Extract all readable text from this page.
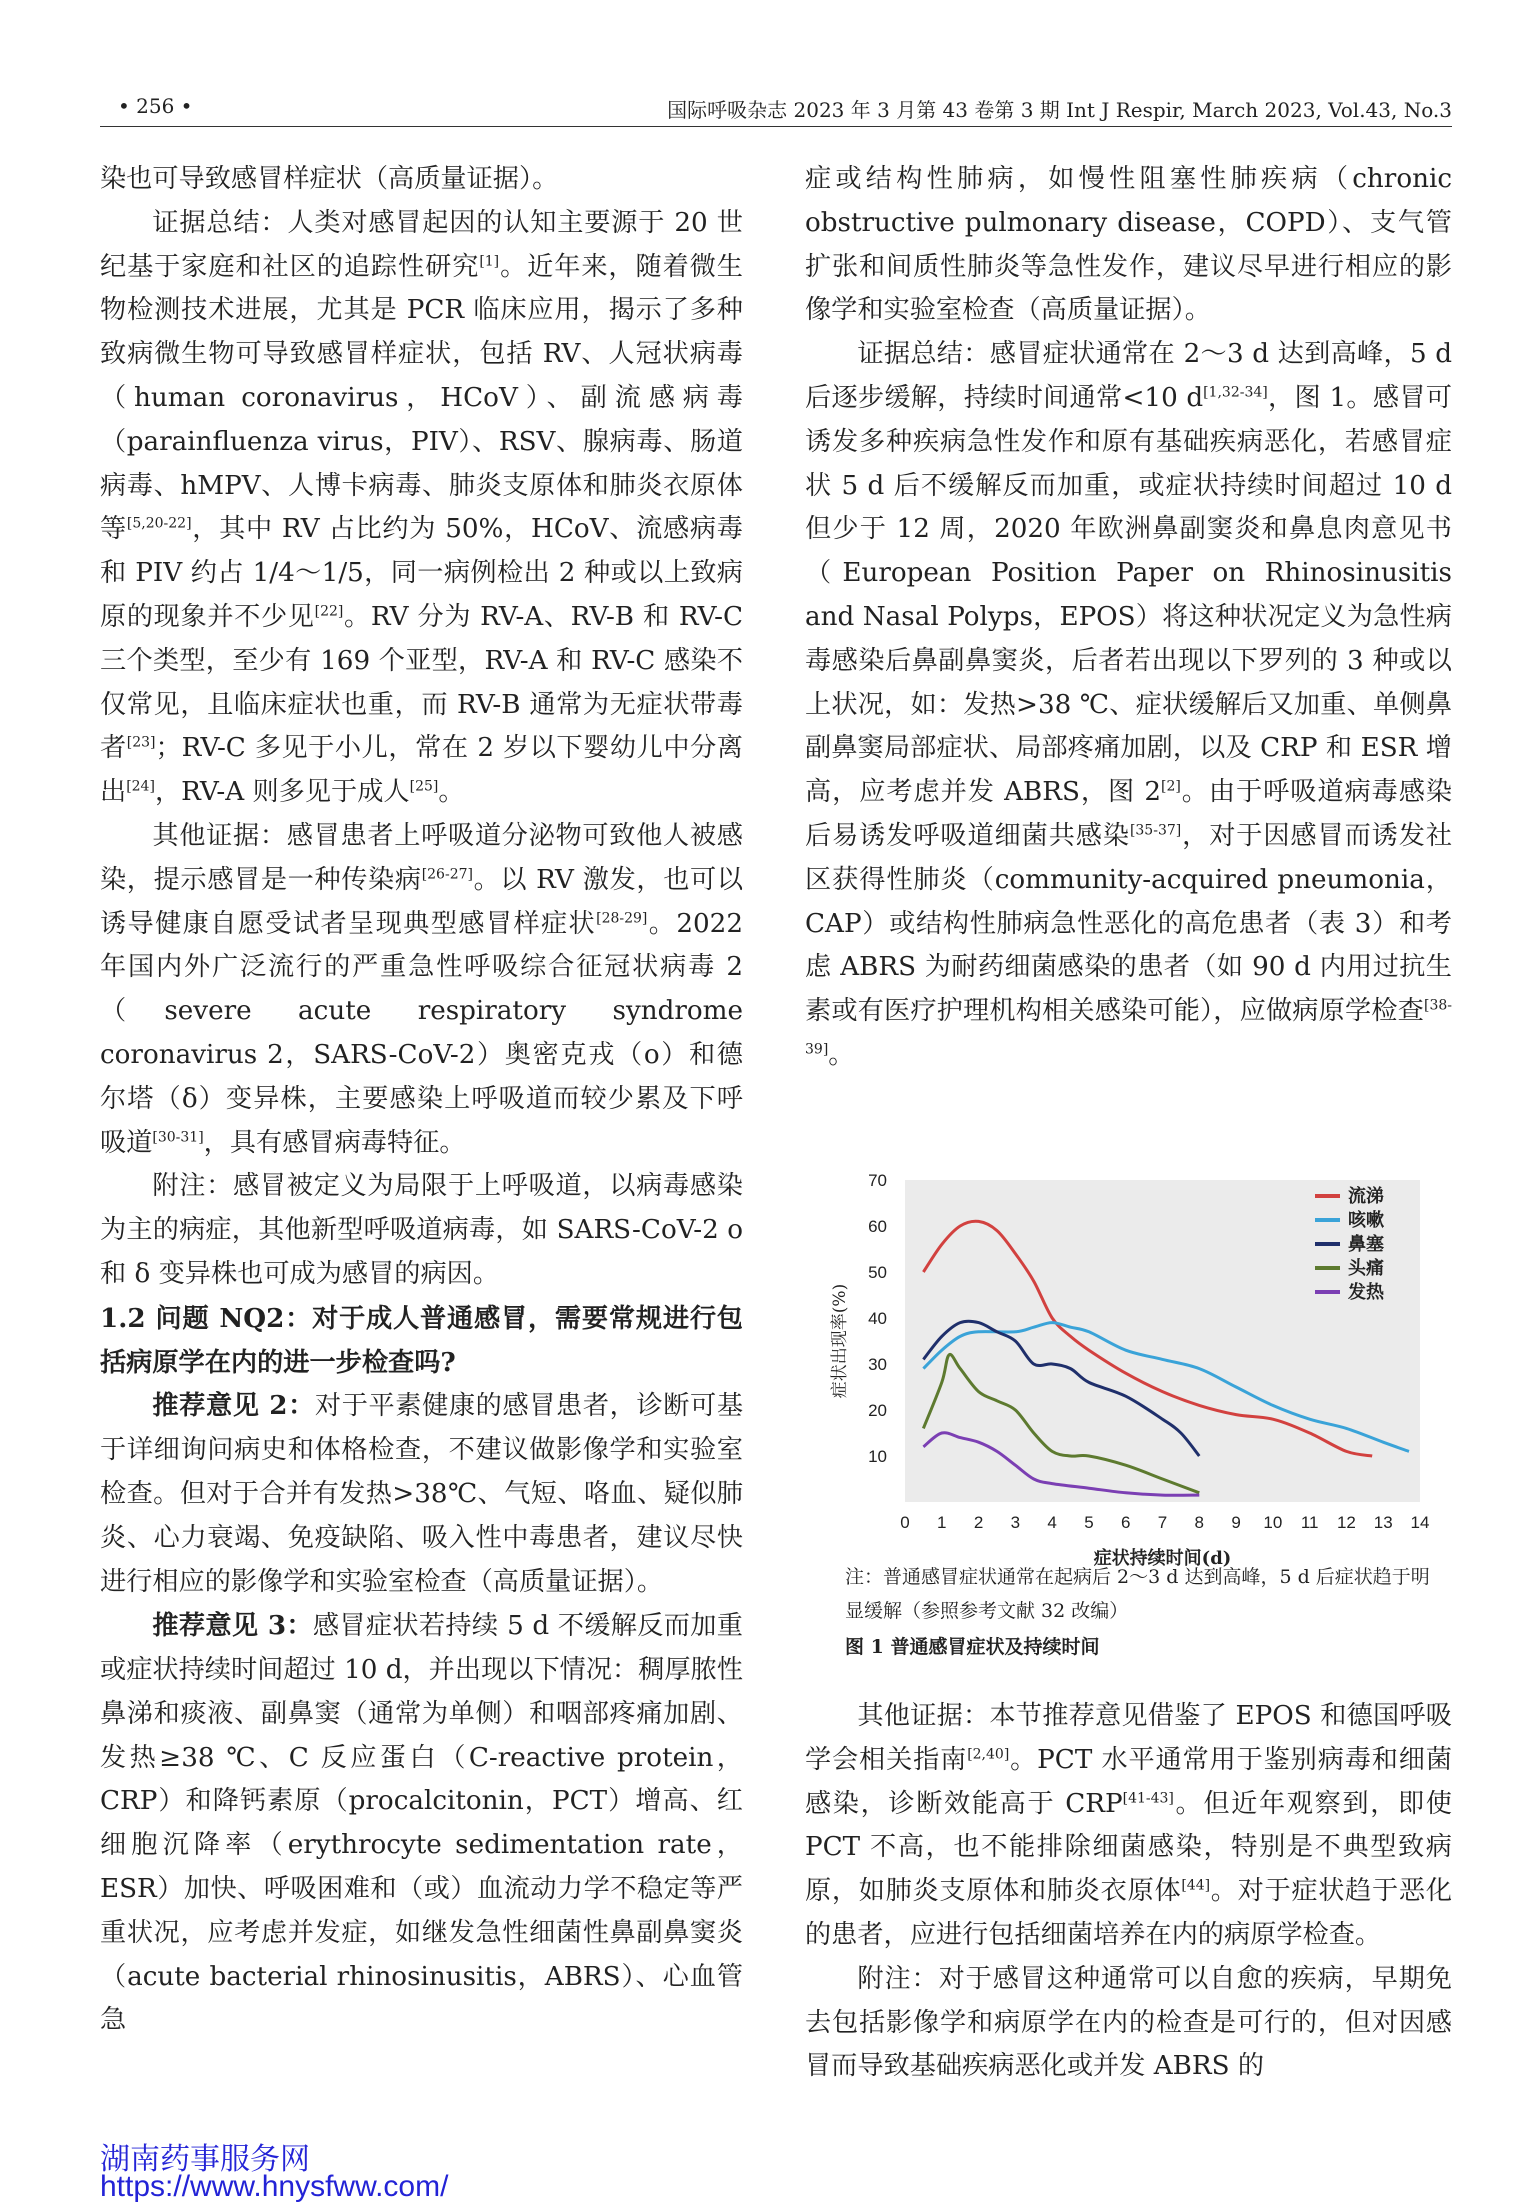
• 256 •	国际呼吸杂志 2023 年 3 月第 43 卷第 3 期 Int J Respir, March 2023, Vol.43, No.3

染也可导致感冒样症状（高质量证据）。

证据总结：人类对感冒起因的认知主要源于 20 世纪基于家庭和社区的追踪性研究[1]。近年来，随着微生物检测技术进展，尤其是 PCR 临床应用，揭示了多种致病微生物可导致感冒样症状，包括 RV、人冠状病毒（human coronavirus，HCoV）、副流感病毒（parainfluenza virus，PIV）、RSV、腺病毒、肠道病毒、hMPV、人博卡病毒、肺炎支原体和肺炎衣原体等[5,20-22]，其中 RV 占比约为 50%，HCoV、流感病毒和 PIV 约占 1/4～1/5，同一病例检出 2 种或以上致病原的现象并不少见[22]。RV 分为 RV-A、RV-B 和 RV-C 三个类型，至少有 169 个亚型，RV-A 和 RV-C 感染不仅常见，且临床症状也重，而 RV-B 通常为无症状带毒者[23]；RV-C 多见于小儿，常在 2 岁以下婴幼儿中分离出[24]，RV-A 则多见于成人[25]。

其他证据：感冒患者上呼吸道分泌物可致他人被感染，提示感冒是一种传染病[26-27]。以 RV 激发，也可以诱导健康自愿受试者呈现典型感冒样症状[28-29]。2022 年国内外广泛流行的严重急性呼吸综合征冠状病毒 2（severe acute respiratory syndrome coronavirus 2，SARS-CoV-2）奥密克戎（ο）和德尔塔（δ）变异株，主要感染上呼吸道而较少累及下呼吸道[30-31]，具有感冒病毒特征。

附注：感冒被定义为局限于上呼吸道，以病毒感染为主的病症，其他新型呼吸道病毒，如 SARS-CoV-2 ο 和 δ 变异株也可成为感冒的病因。

1.2 问题 NQ2：对于成人普通感冒，需要常规进行包括病原学在内的进一步检查吗?

推荐意见 2：对于平素健康的感冒患者，诊断可基于详细询问病史和体格检查，不建议做影像学和实验室检查。但对于合并有发热>38℃、气短、咯血、疑似肺炎、心力衰竭、免疫缺陷、吸入性中毒患者，建议尽快进行相应的影像学和实验室检查（高质量证据）。

推荐意见 3：感冒症状若持续 5 d 不缓解反而加重或症状持续时间超过 10 d，并出现以下情况：稠厚脓性鼻涕和痰液、副鼻窦（通常为单侧）和咽部疼痛加剧、发热≥38 ℃、C 反应蛋白（C-reactive protein，CRP）和降钙素原（procalcitonin，PCT）增高、红细胞沉降率（erythrocyte sedimentation rate，ESR）加快、呼吸困难和（或）血流动力学不稳定等严重状况，应考虑并发症，如继发急性细菌性鼻副鼻窦炎（acute bacterial rhinosinusitis，ABRS）、心血管急

症或结构性肺病，如慢性阻塞性肺疾病（chronic obstructive pulmonary disease，COPD）、支气管扩张和间质性肺炎等急性发作，建议尽早进行相应的影像学和实验室检查（高质量证据）。

证据总结：感冒症状通常在 2～3 d 达到高峰，5 d 后逐步缓解，持续时间通常<10 d[1,32-34]，图 1。感冒可诱发多种疾病急性发作和原有基础疾病恶化，若感冒症状 5 d 后不缓解反而加重，或症状持续时间超过 10 d 但少于 12 周，2020 年欧洲鼻副窦炎和鼻息肉意见书（European Position Paper on Rhinosinusitis and Nasal Polyps，EPOS）将这种状况定义为急性病毒感染后鼻副鼻窦炎，后者若出现以下罗列的 3 种或以上状况，如：发热>38 ℃、症状缓解后又加重、单侧鼻副鼻窦局部症状、局部疼痛加剧，以及 CRP 和 ESR 增高，应考虑并发 ABRS，图 2[2]。由于呼吸道病毒感染后易诱发呼吸道细菌共感染[35-37]，对于因感冒而诱发社区获得性肺炎（community-acquired pneumonia，CAP）或结构性肺病急性恶化的高危患者（表 3）和考虑 ABRS 为耐药细菌感染的患者（如 90 d 内用过抗生素或有医疗护理机构相关感染可能），应做病原学检查[38-39]。

10
20
30
40
50
60
70
0 1 2 3 4 5 6 7 8 9 10 11 12 13 14
症状持续时间(d)
症状出现率(%)
流涕
咳嗽
鼻塞
头痛
发热
注：普通感冒症状通常在起病后 2～3 d 达到高峰，5 d 后症状趋于明显缓解（参照参考文献 32 改编）
图 1 普通感冒症状及持续时间

其他证据：本节推荐意见借鉴了 EPOS 和德国呼吸学会相关指南[2,40]。PCT 水平通常用于鉴别病毒和细菌感染，诊断效能高于 CRP[41-43]。但近年观察到，即使 PCT 不高，也不能排除细菌感染，特别是不典型致病原，如肺炎支原体和肺炎衣原体[44]。对于症状趋于恶化的患者，应进行包括细菌培养在内的病原学检查。

附注：对于感冒这种通常可以自愈的疾病，早期免去包括影像学和病原学在内的检查是可行的，但对因感冒而导致基础疾病恶化或并发 ABRS 的

湖南药事服务网
https://www.hnysfww.com/
